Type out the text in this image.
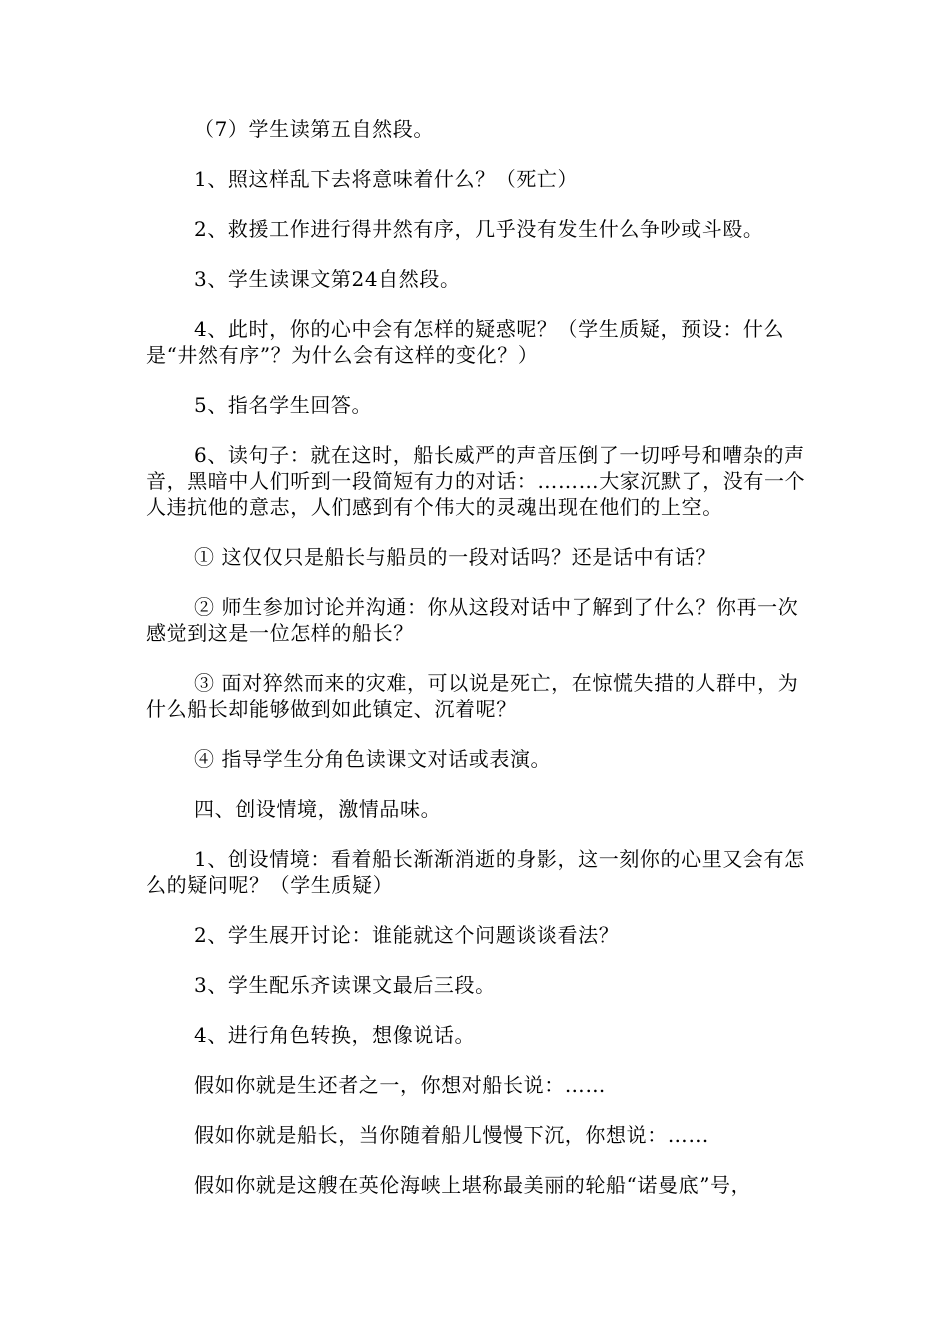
（7）学生读第五自然段。

1、照这样乱下去将意味着什么？（死亡）

2、救援工作进行得井然有序，几乎没有发生什么争吵或斗殴。

3、学生读课文第24自然段。

4、此时，你的心中会有怎样的疑惑呢？（学生质疑，预设：什么是“井然有序”？为什么会有这样的变化？）

5、指名学生回答。

6、读句子：就在这时，船长威严的声音压倒了一切呼号和嘈杂的声音，黑暗中人们听到一段简短有力的对话：………大家沉默了，没有一个人违抗他的意志，人们感到有个伟大的灵魂出现在他们的上空。

① 这仅仅只是船长与船员的一段对话吗？还是话中有话？

② 师生参加讨论并沟通：你从这段对话中了解到了什么？你再一次感觉到这是一位怎样的船长？

③ 面对猝然而来的灾难，可以说是死亡，在惊慌失措的人群中，为什么船长却能够做到如此镇定、沉着呢？

④ 指导学生分角色读课文对话或表演。

四、创设情境，激情品味。

1、创设情境：看着船长渐渐消逝的身影，这一刻你的心里又会有怎么的疑问呢？（学生质疑）

2、学生展开讨论：谁能就这个问题谈谈看法？

3、学生配乐齐读课文最后三段。

4、进行角色转换，想像说话。

假如你就是生还者之一，你想对船长说：……

假如你就是船长，当你随着船儿慢慢下沉，你想说：……

假如你就是这艘在英伦海峡上堪称最美丽的轮船“诺曼底”号，
